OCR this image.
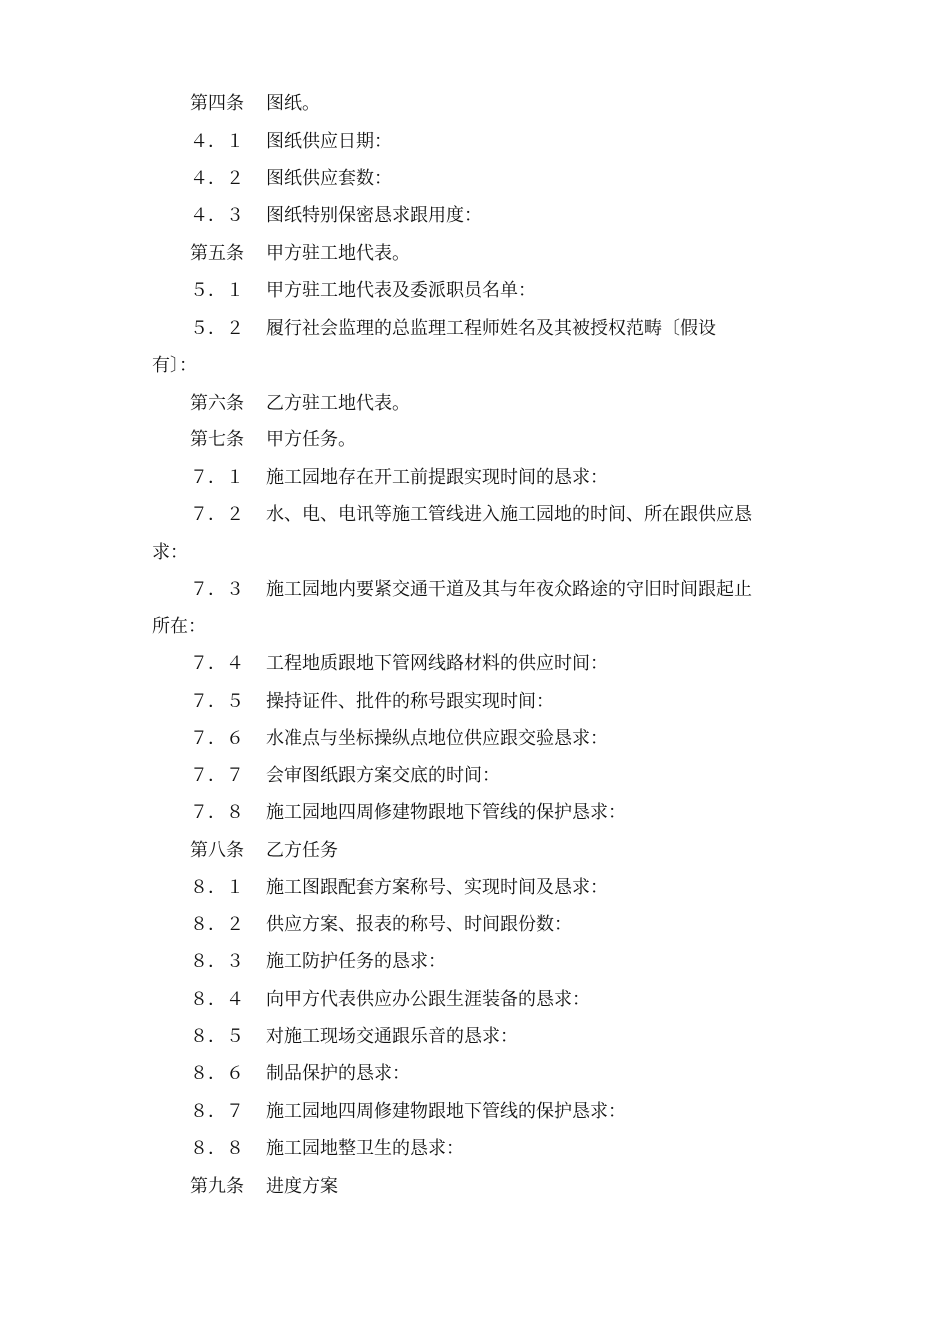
第四条	图纸。
４．１	图纸供应日期：
４．２	图纸供应套数：
４．３	图纸特别保密恳求跟用度：
第五条	甲方驻工地代表。
５．１	甲方驻工地代表及委派职员名单：
５．２	履行社会监理的总监理工程师姓名及其被授权范畴〔假设
有〕：
第六条	乙方驻工地代表。
第七条	甲方任务。
７．１	施工园地存在开工前提跟实现时间的恳求：
７．２	水、电、电讯等施工管线进入施工园地的时间、所在跟供应恳
求：
７．３	施工园地内要紧交通干道及其与年夜众路途的守旧时间跟起止
所在：
７．４	工程地质跟地下管网线路材料的供应时间：
７．５	操持证件、批件的称号跟实现时间：
７．６	水准点与坐标操纵点地位供应跟交验恳求：
７．７	会审图纸跟方案交底的时间：
７．８	施工园地四周修建物跟地下管线的保护恳求：
第八条	乙方任务
８．１	施工图跟配套方案称号、实现时间及恳求：
８．２	供应方案、报表的称号、时间跟份数：
８．３	施工防护任务的恳求：
８．４	向甲方代表供应办公跟生涯装备的恳求：
８．５	对施工现场交通跟乐音的恳求：
８．６	制品保护的恳求：
８．７	施工园地四周修建物跟地下管线的保护恳求：
８．８	施工园地整卫生的恳求：
第九条	进度方案
